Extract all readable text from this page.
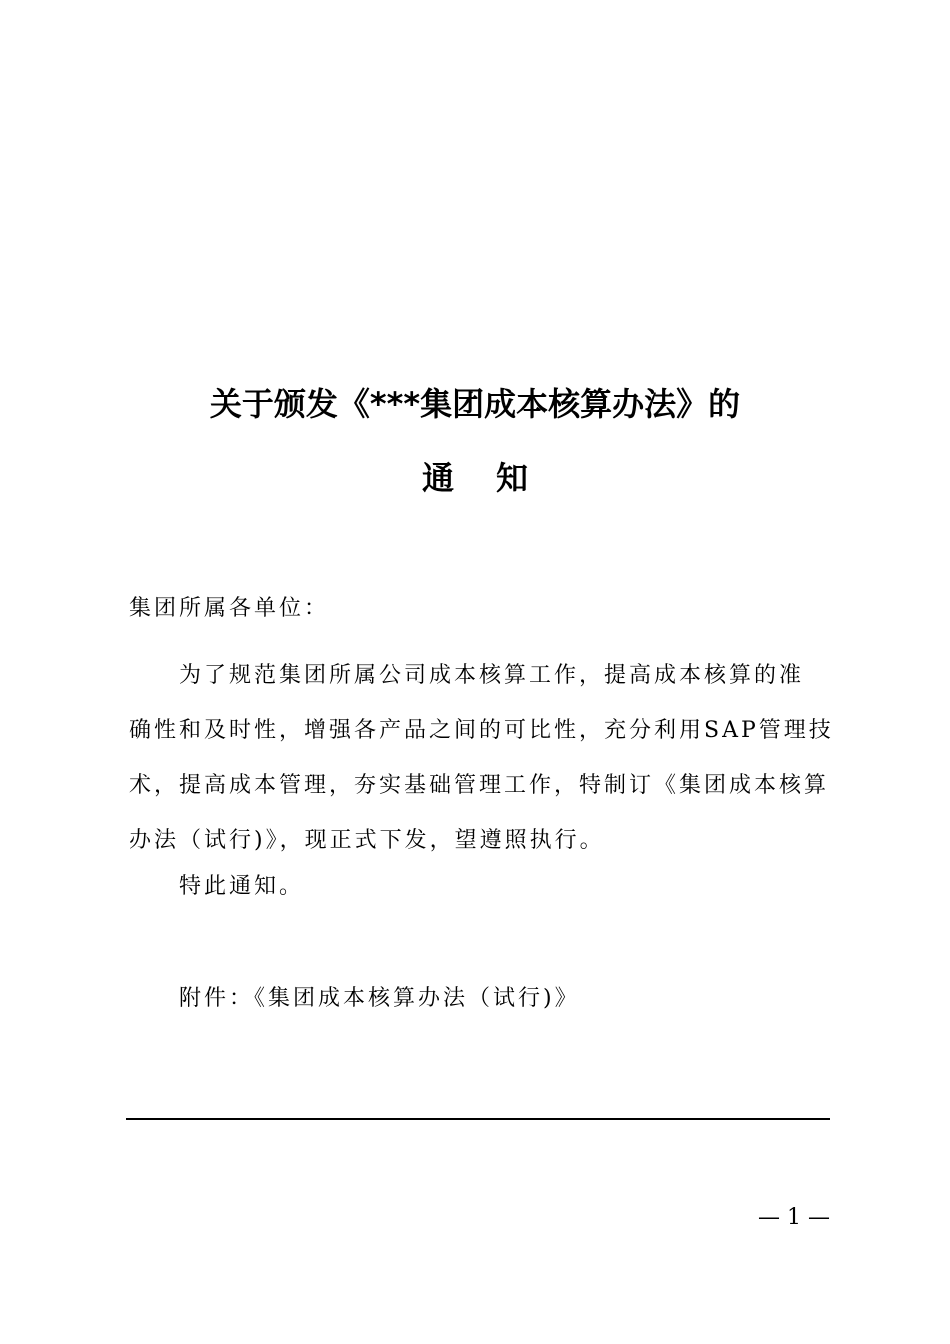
关于颁发《***集团成本核算办法》的
通 知
集团所属各单位：
为了规范集团所属公司成本核算工作，提高成本核算的准
确性和及时性，增强各产品之间的可比性，充分利用SAP管理技
术，提高成本管理，夯实基础管理工作，特制订《集团成本核算
办法（试行)》，现正式下发，望遵照执行。
特此通知。
附件：《集团成本核算办法（试行)》
— 1 —
